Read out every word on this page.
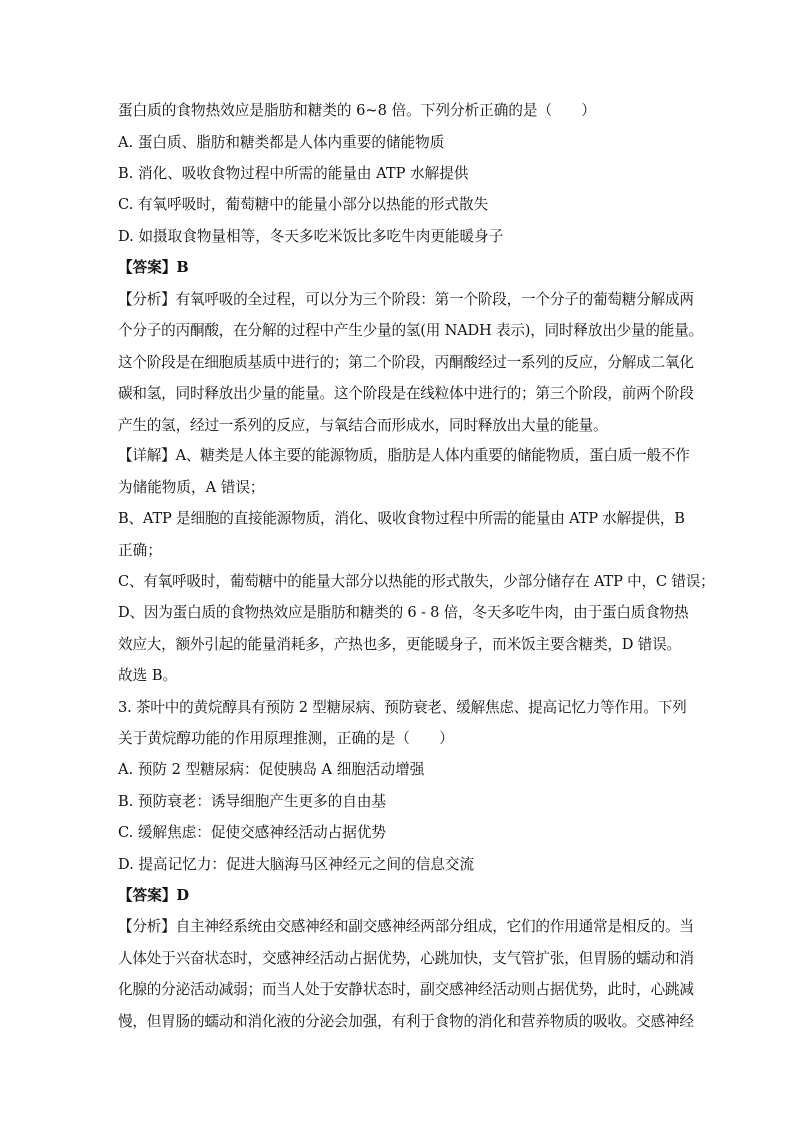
蛋白质的食物热效应是脂肪和糖类的 6~8 倍。下列分析正确的是（　　）
A. 蛋白质、脂肪和糖类都是人体内重要的储能物质
B. 消化、吸收食物过程中所需的能量由 ATP 水解提供
C. 有氧呼吸时，葡萄糖中的能量小部分以热能的形式散失
D. 如摄取食物量相等，冬天多吃米饭比多吃牛肉更能暖身子
【答案】B
【分析】有氧呼吸的全过程，可以分为三个阶段：第一个阶段，一个分子的葡萄糖分解成两
个分子的丙酮酸，在分解的过程中产生少量的氢(用 NADH 表示)，同时释放出少量的能量。
这个阶段是在细胞质基质中进行的；第二个阶段，丙酮酸经过一系列的反应，分解成二氧化
碳和氢，同时释放出少量的能量。这个阶段是在线粒体中进行的；第三个阶段，前两个阶段
产生的氢，经过一系列的反应，与氧结合而形成水，同时释放出大量的能量。
【详解】A、糖类是人体主要的能源物质，脂肪是人体内重要的储能物质，蛋白质一般不作
为储能物质，A 错误；
B、ATP 是细胞的直接能源物质，消化、吸收食物过程中所需的能量由 ATP 水解提供，B
正确；
C、有氧呼吸时，葡萄糖中的能量大部分以热能的形式散失，少部分储存在 ATP 中，C 错误；
D、因为蛋白质的食物热效应是脂肪和糖类的 6 - 8 倍，冬天多吃牛肉，由于蛋白质食物热
效应大，额外引起的能量消耗多，产热也多，更能暖身子，而米饭主要含糖类，D 错误。
故选 B。
3. 茶叶中的黄烷醇具有预防 2 型糖尿病、预防衰老、缓解焦虑、提高记忆力等作用。下列
关于黄烷醇功能的作用原理推测，正确的是（　　）
A. 预防 2 型糖尿病：促使胰岛 A 细胞活动增强
B. 预防衰老：诱导细胞产生更多的自由基
C. 缓解焦虑：促使交感神经活动占据优势
D. 提高记忆力：促进大脑海马区神经元之间的信息交流
【答案】D
【分析】自主神经系统由交感神经和副交感神经两部分组成，它们的作用通常是相反的。当
人体处于兴奋状态时，交感神经活动占据优势，心跳加快，支气管扩张，但胃肠的蠕动和消
化腺的分泌活动减弱；而当人处于安静状态时，副交感神经活动则占据优势，此时，心跳减
慢，但胃肠的蠕动和消化液的分泌会加强，有利于食物的消化和营养物质的吸收。交感神经
